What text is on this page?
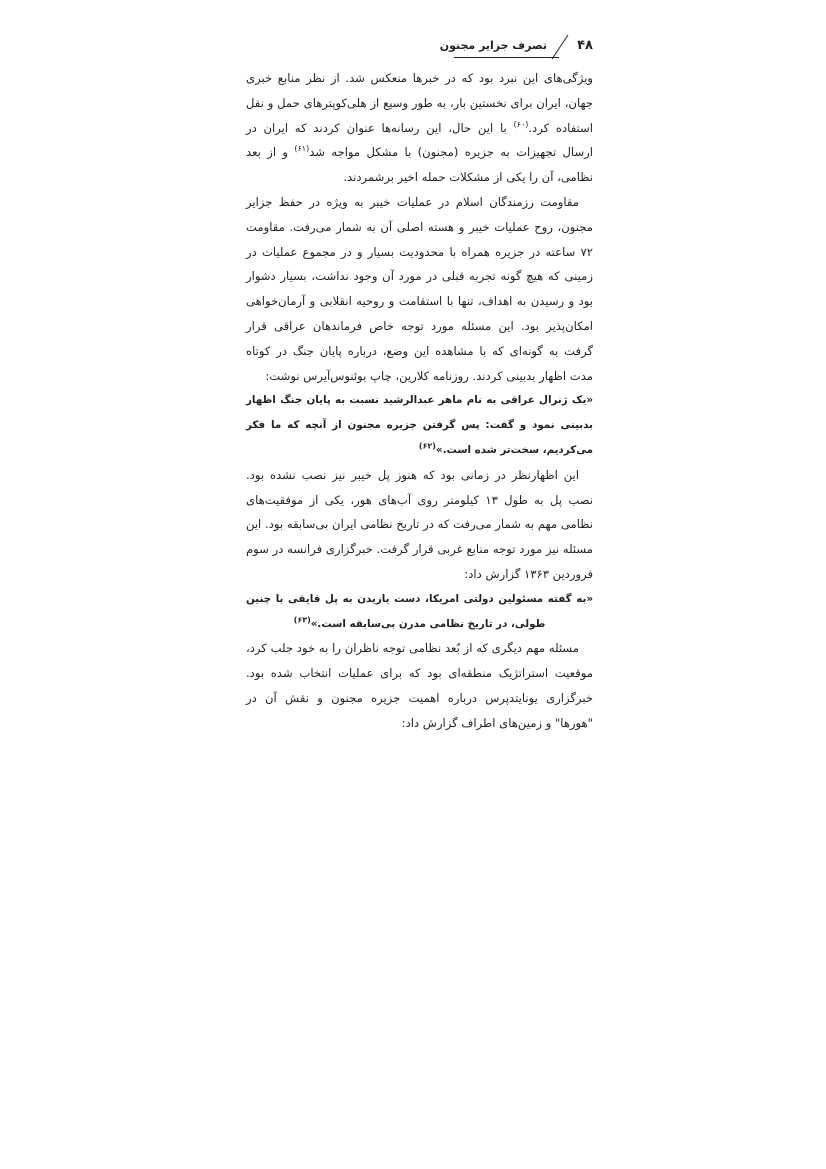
۴۸
تصرف جزایر مجنون

ویژگی‌های این نبرد بود که در خبرها منعکس شد. از نظر منابع خبری جهان، ایران برای نخستین بار، به طور وسیع از هلی‌کوپترهای حمل و نقل استفاده کرد.$^{(۶۰)}$ با این حال، این رسانه‌ها عنوان کردند که ایران در ارسال تجهیزات به جزیره (مجنون) با مشکل مواجه شد$^{(۶۱)}$ و از بعد نظامی، آن را یکی از مشکلات حمله اخیر برشمردند.

مقاومت رزمندگان اسلام در عملیات خیبر به ویژه در حفظ جزایر مجنون، روح عملیات خیبر و هسته اصلی آن به شمار می‌رفت. مقاومت ۷۲ ساعته در جزیره همراه با محدودیت بسیار و در مجموع عملیات در زمینی که هیچ گونه تجربه قبلی در مورد آن وجود نداشت، بسیار دشوار بود و رسیدن به اهداف، تنها با استقامت و روحیه انقلابی و آرمان‌خواهی امکان‌پذیر بود. این مسئله مورد توجه خاص فرماندهان عراقی قرار گرفت به گونه‌ای که با مشاهده این وضع، درباره پایان جنگ در کوتاه مدت اظهار بدبینی کردند. روزنامه کلارین، چاپ بوئنوس‌آیرس نوشت:

«یک ژنرال عراقی به نام ماهر عبدالرشید نسبت به پایان جنگ اظهار بدبینی نمود و گفت: پس گرفتن جزیره مجنون از آنچه که ما فکر می‌کردیم، سخت‌تر شده است.»$^{(۶۲)}$

این اظهارنظر در زمانی بود که هنوز پل خیبر نیز نصب نشده بود. نصب پل به طول ۱۳ کیلومتر روی آب‌های هور، یکی از موفقیت‌های نظامی مهم به شمار می‌رفت که در تاریخ نظامی ایران بی‌سابقه بود. این مسئله نیز مورد توجه منابع غربی قرار گرفت. خبرگزاری فرانسه در سوم فروردین ۱۳۶۳ گزارش داد:

«به گفته مسئولین دولتی امریکا، دست یازیدن به پل قایقی با چنین طولی، در تاریخ نظامی مدرن بی‌سابقه است.»$^{(۶۳)}$

مسئله مهم دیگری که از بُعد نظامی توجه ناظران را به خود جلب کرد، موقعیت استراتژیک منطقه‌ای بود که برای عملیات انتخاب شده بود. خبرگزاری یونایتدپرس درباره اهمیت جزیره مجنون و نقش آن در "هورها" و زمین‌های اطراف گزارش داد:
